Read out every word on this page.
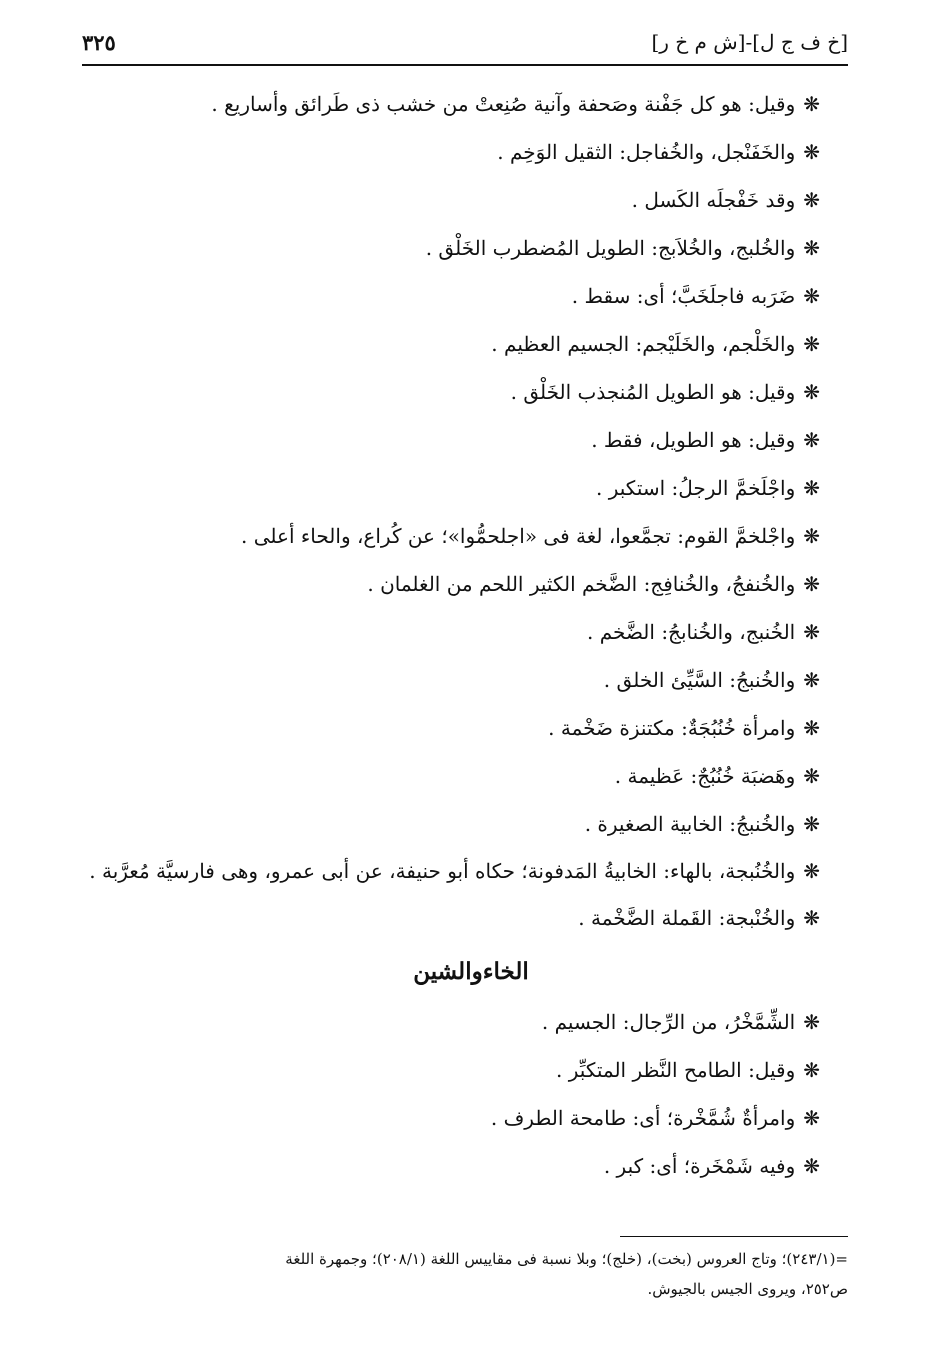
[خ ف ج ل]-[ش م خ ر]
٣٢٥
❋وقيل: هو كل جَفْنة وصَحفة وآنية صُنِعتْ من خشب ذى طَرائق وأساريع .
❋والخَفَنْجل، والخُفاجل: الثقيل الوَخِم .
❋وقد خَفْجلَه الكَسل .
❋والخُلبج، والخُلاَبج: الطويل المُضطرب الخَلْق .
❋ضَرَبه فاجلَخَبَّ؛ أى: سقط .
❋والخَلْجم، والخَلَيْجم: الجسيم العظيم .
❋وقيل: هو الطويل المُنجذب الخَلْق .
❋وقيل: هو الطويل، فقط .
❋واجْلَخمَّ الرجلُ: استكبر .
❋واجْلخمَّ القوم: تجمَّعوا، لغة فى «اجلحمُّوا»؛ عن كُراع، والحاء أعلى .
❋والخُنفجُ، والخُنافِج: الضَّخم الكثير اللحم من الغلمان .
❋الخُنبج، والخُنابجُ: الضَّخم .
❋والخُنبجُ: السَّيِّئ الخلق .
❋وامرأة خُنُبُجَةٌ: مكتنزة ضَخْمة .
❋وهَضبَة خُنُبُجٌ: عَظيمة .
❋والخُنبجُ: الخابية الصغيرة .
❋والخُنُبجة، بالهاء: الخابيةُ المَدفونة؛ حكاه أبو حنيفة، عن أبى عمرو، وهى فارسيَّة مُعرَّبة .
❋والخُنْبجة: القَملة الضَّخْمة .
الخاءوالشين
❋الشِّمَّخْرُ، من الرِّجال: الجسيم .
❋وقيل: الطامح النَّظر المتكبِّر .
❋وامرأةٌ شُمَّخْرة؛ أى: طامحة الطرف .
❋وفيه شَمْخَرة؛ أى: كبر .
=(٢٤٣/١)؛ وتاج العروس (بخت)، (خلج)؛ وبلا نسبة فى مقاييس اللغة (٢٠٨/١)؛ وجمهرة اللغة
ص٢٥٢، ويروى الجيس بالجيوش.
